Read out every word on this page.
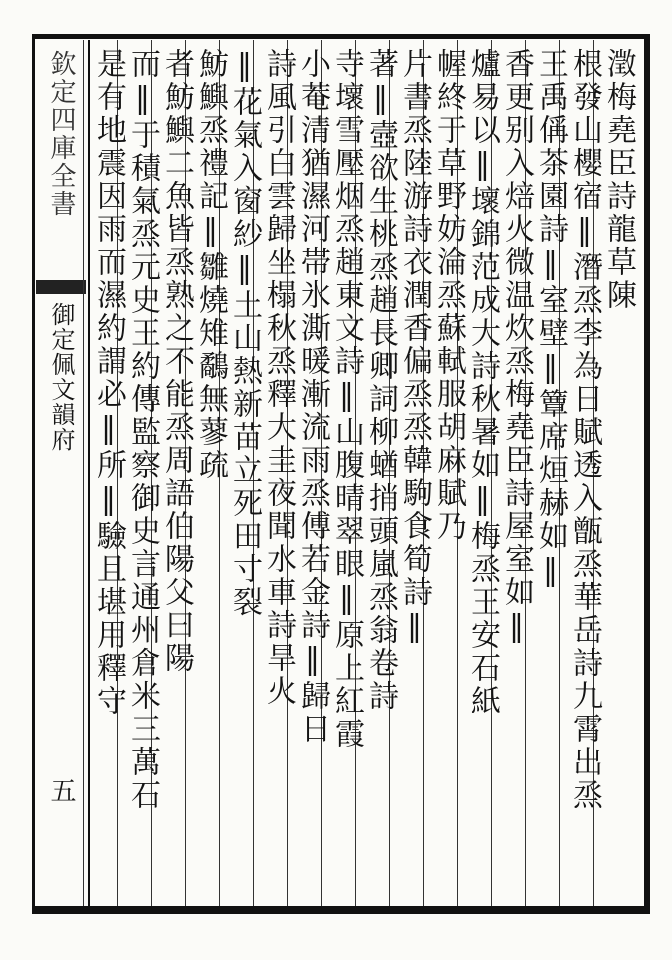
欽定四庫全書
御定佩文韻府
五
澂梅堯臣詩龍草陳
根發山櫻宿‖潛烝李為日賦透入甑烝華岳詩九霄出烝
王禹偁茶園詩‖室壁‖簟席烜赫如‖
香更别入焙火微温炊烝梅堯臣詩屋室如‖
爐易以‖壞錦范成大詩秋暑如‖梅烝王安石紙
幄終于草野妨淪烝蘇軾服胡麻賦乃
片書烝陸游詩衣潤香偏烝烝韓駒食筍詩‖
著‖壼欲生桃烝趙長卿詞柳蝤捎頭嵐烝翁卷詩
寺壞雪壓烟烝趙東文詩‖山腹晴翠眼‖原上紅霞
小菴清猶濕河帯氷澌暖漸流雨烝傅若金詩‖歸日
詩風引白雲歸坐榻秋烝釋大圭夜聞水車詩旱火
‖花氣入窗紗‖土山熱新苗立死田寸裂
魴鱮烝禮記‖雛燒雉鷸無蓼疏
者魴鱮二魚皆烝熟之不能烝周語伯陽父曰陽
而‖于積氣烝元史王約傳監察御史言通州倉米三萬石
是有地震因雨而濕約謂必‖所‖驗且堪用釋守
